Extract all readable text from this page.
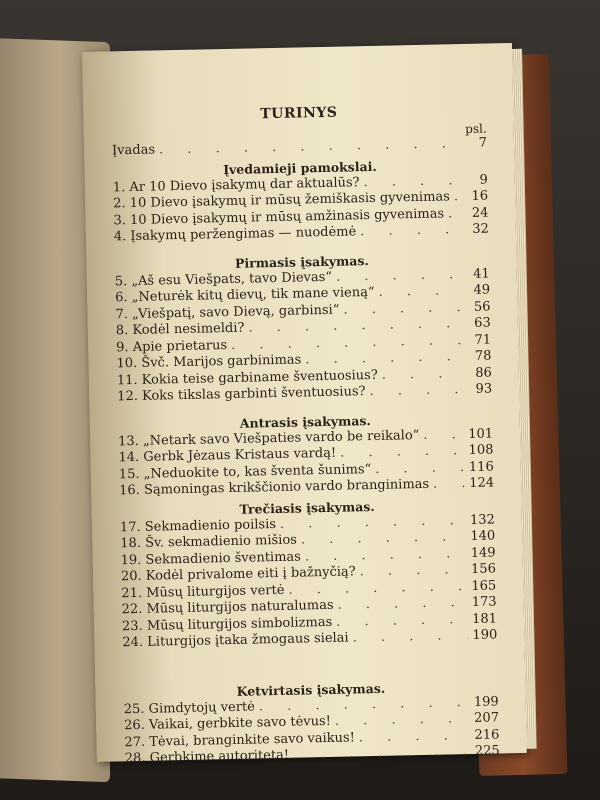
TURINYS
psl.
Įvadas . . .	7
Įvedamieji pamokslai.
1. Ar 10 Dievo įsakymų dar aktualūs? . . .	9
2. 10 Dievo įsakymų ir mūsų žemiškasis gyvenimas . . .	16
3. 10 Dievo įsakymų ir mūsų amžinasis gyvenimas . . .	24
4. Įsakymų peržengimas — nuodėmė . . .	32
Pirmasis įsakymas.
5. „Aš esu Viešpats, tavo Dievas“ . . .	41
6. „Neturėk kitų dievų, tik mane vieną“ . . .	49
7. „Viešpatį, savo Dievą, garbinsi“ . . .	56
8. Kodėl nesimeldi? . . .	63
9. Apie prietarus . . .	71
10. Švč. Marijos garbinimas . . .	78
11. Kokia teise garbiname šventuosius? . . .	86
12. Koks tikslas garbinti šventuosius? . . .	93
Antrasis įsakymas.
13. „Netark savo Viešpaties vardo be reikalo“ . . .	101
14. Gerbk Jėzaus Kristaus vardą! . . .	108
15. „Neduokite to, kas šventa šunims“ . . .	116
16. Sąmoningas krikščionio vardo branginimas . . .	124
Trečiasis įsakymas.
17. Sekmadienio poilsis . . .	132
18. Šv. sekmadienio mišios . . .	140
19. Sekmadienio šventimas . . .	149
20. Kodėl privalome eiti į bažnyčią? . . .	156
21. Mūsų liturgijos vertė . . .	165
22. Mūsų liturgijos naturalumas . . .	173
23. Mūsų liturgijos simbolizmas . . .	181
24. Liturgijos įtaka žmogaus sielai . . .	190
Ketvirtasis įsakymas.
25. Gimdytojų vertė . . .	199
26. Vaikai, gerbkite savo tėvus! . . .	207
27. Tėvai, branginkite savo vaikus! . . .	216
28. Gerbkime autoritetą! . . .	225
